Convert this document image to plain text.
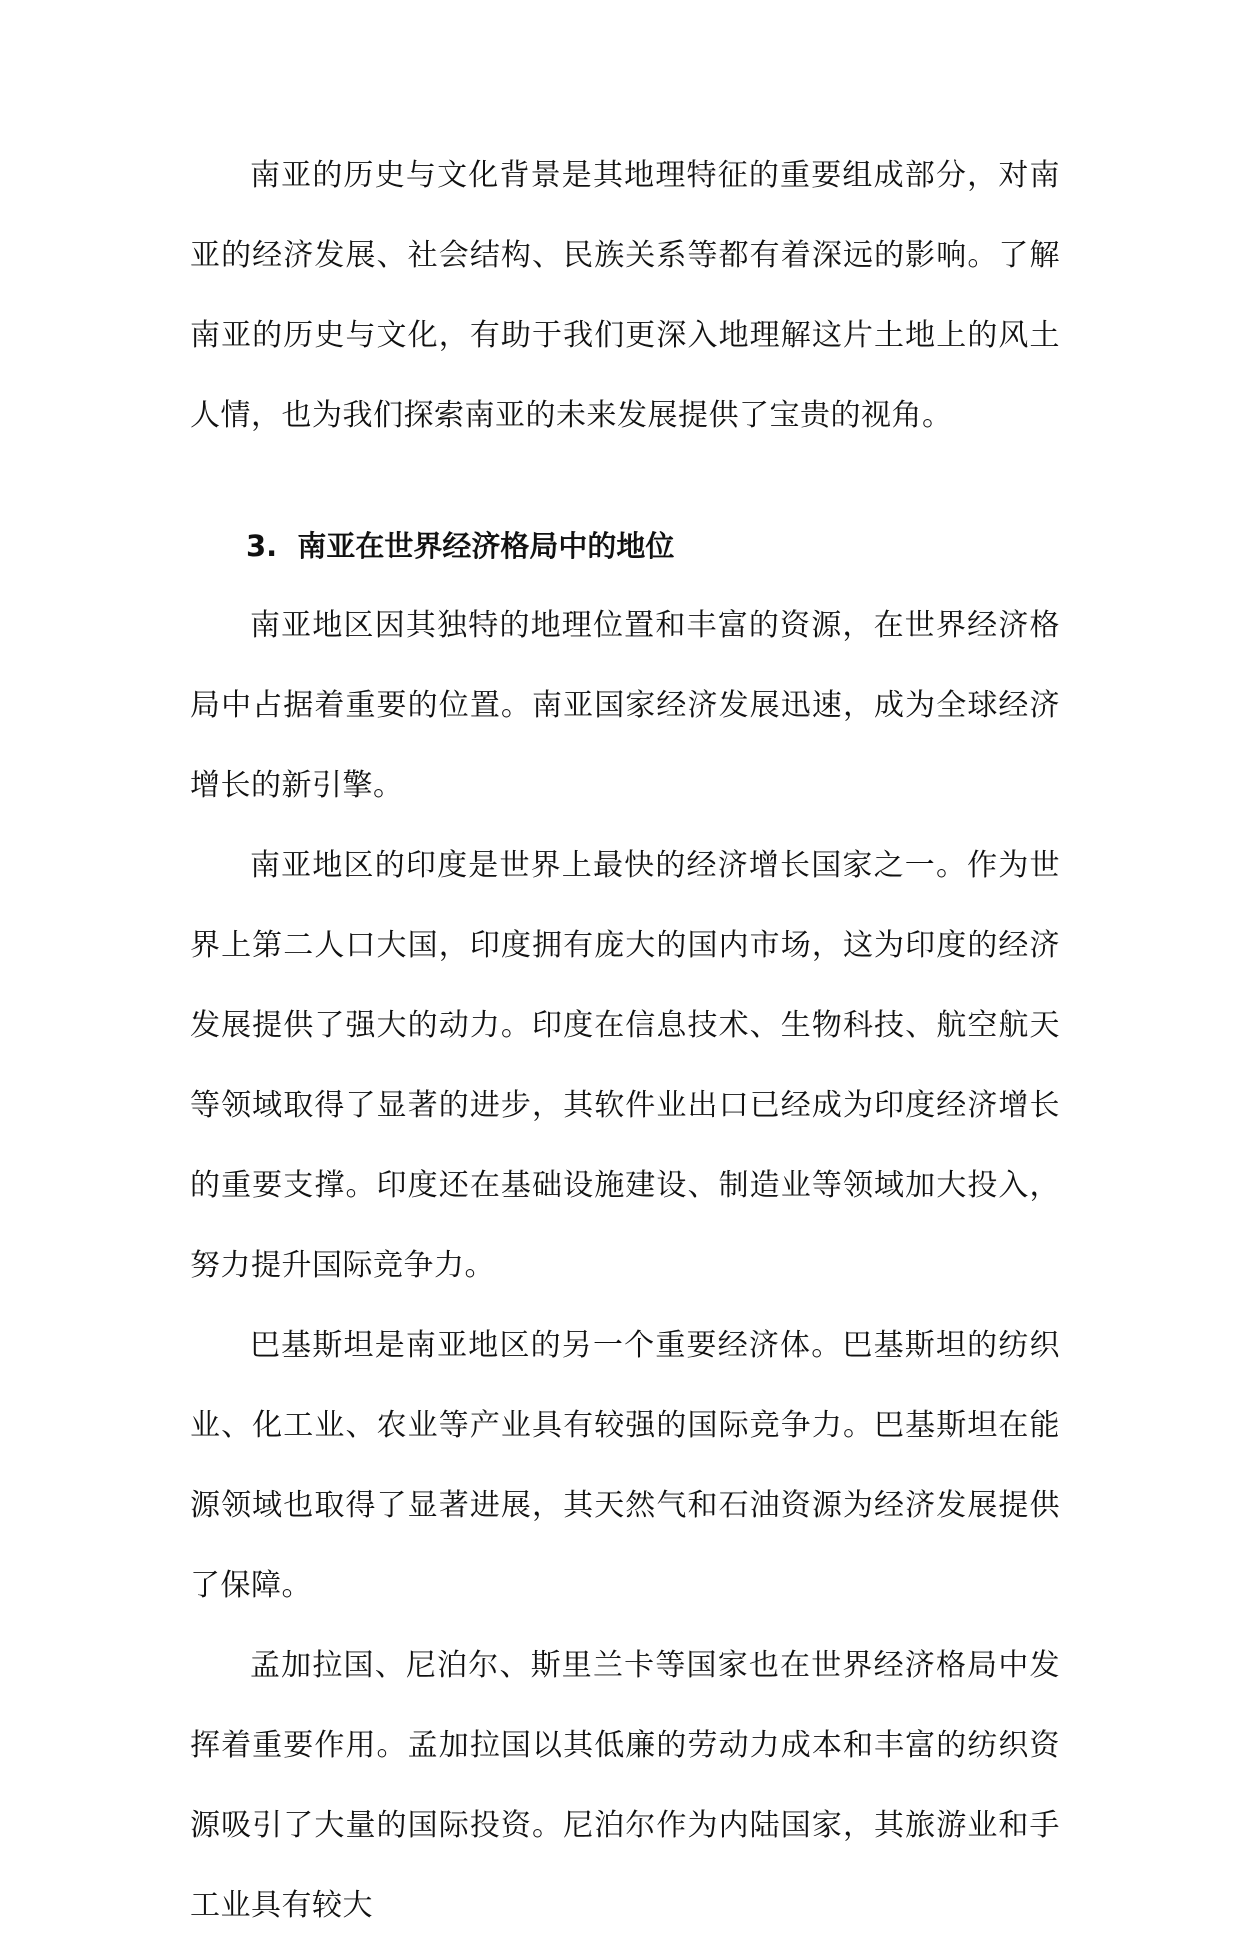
南亚的历史与文化背景是其地理特征的重要组成部分，对南亚的经济发展、社会结构、民族关系等都有着深远的影响。了解南亚的历史与文化，有助于我们更深入地理解这片土地上的风土人情，也为我们探索南亚的未来发展提供了宝贵的视角。

3. 南亚在世界经济格局中的地位

南亚地区因其独特的地理位置和丰富的资源，在世界经济格局中占据着重要的位置。南亚国家经济发展迅速，成为全球经济增长的新引擎。

南亚地区的印度是世界上最快的经济增长国家之一。作为世界上第二人口大国，印度拥有庞大的国内市场，这为印度的经济发展提供了强大的动力。印度在信息技术、生物科技、航空航天等领域取得了显著的进步，其软件业出口已经成为印度经济增长的重要支撑。印度还在基础设施建设、制造业等领域加大投入，努力提升国际竞争力。

巴基斯坦是南亚地区的另一个重要经济体。巴基斯坦的纺织业、化工业、农业等产业具有较强的国际竞争力。巴基斯坦在能源领域也取得了显著进展，其天然气和石油资源为经济发展提供了保障。

孟加拉国、尼泊尔、斯里兰卡等国家也在世界经济格局中发挥着重要作用。孟加拉国以其低廉的劳动力成本和丰富的纺织资源吸引了大量的国际投资。尼泊尔作为内陆国家，其旅游业和手工业具有较大
